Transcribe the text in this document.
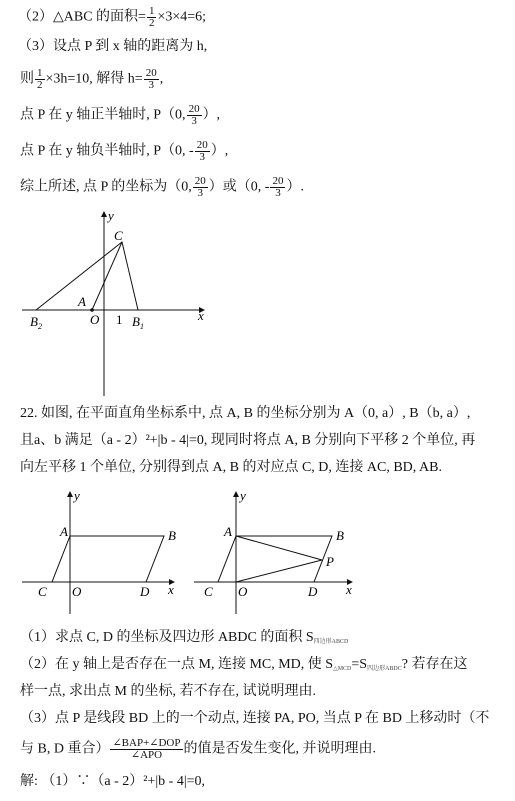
（2）△ABC 的面积= $\frac{1}{2} \times 3\times 4=6$;
（3）设点 P 到 x 轴的距离为 h,
则 $\frac{1}{2} \times 3h=10$, 解得 $h= \frac{20}{3}$ ,
点 P 在 y 轴正半轴时, P（0, $\frac{20}{3}$ ）,
点 P 在 y 轴负半轴时, P（0, - $\frac{20}{3}$ ）,
综上所述, 点 P 的坐标为（0, $\frac{20}{3}$ ）或（0, - $\frac{20}{3}$ ）.
y
x
C
A
O 1 $B_1$
$B_2$
22. 如图, 在平面直角坐标系中, 点 A, B 的坐标分别为 A（0, a）, B（b, a）,
且a、b 满足（a - 2）²+|b - 4|=0, 现同时将点 A, B 分别向下平移 2 个单位, 再
向左平移 1 个单位, 分别得到点 A, B 的对应点 C, D, 连接 AC, BD, AB.
y
x
A	B
C O	D
y
x
A	B
C O	D
P
（1）求点 C, D 的坐标及四边形 ABDC 的面积 $S_{四边形ABCD}$
（2）在 y 轴上是否存在一点 M, 连接 MC, MD, 使 $S_{\triangle MCD}=S_{四边形ABDC}$? 若存在这
样一点, 求出点 M 的坐标, 若不存在, 试说明理由.
（3）点 P 是线段 BD 上的一个动点, 连接 PA, PO, 当点 P 在 BD 上移动时（不
与 B, D 重合） $\frac{\text{∠BAP+∠DOP}}{\text{∠APO}}$ 的值是否发生变化, 并说明理由.
解: （1）∵（a - 2）²+|b - 4|=0,
